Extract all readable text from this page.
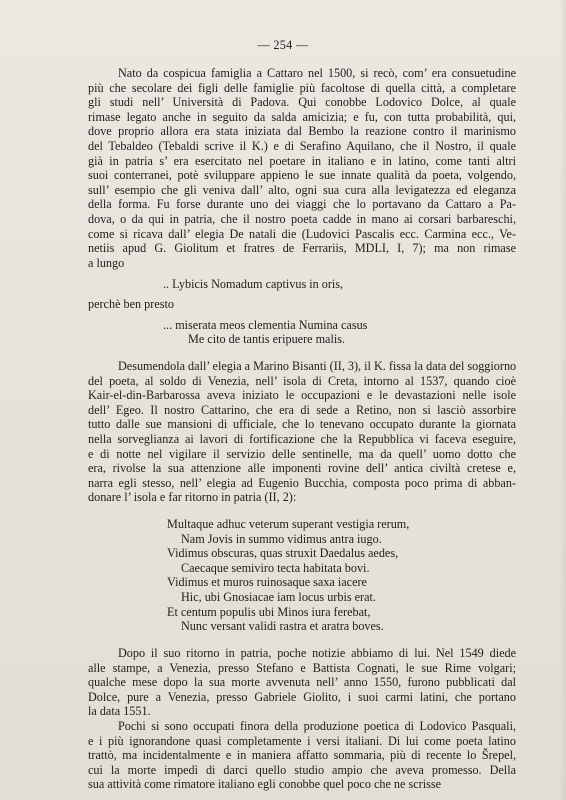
— 254 —
Nato da cospicua famiglia a Cattaro nel 1500, si recò, com’ era consuetudine
più che secolare dei figli delle famiglie più facoltose di quella città, a completare
gli studi nell’ Università di Padova. Qui conobbe Lodovico Dolce, al quale
rimase legato anche in seguito da salda amicizia; e fu, con tutta probabilità, qui,
dove proprio allora era stata iniziata dal Bembo la reazione contro il marinismo
del Tebaldeo (Tebaldi scrive il K.) e di Serafino Aquilano, che il Nostro, il quale
già in patria s’ era esercitato nel poetare in italiano e in latino, come tanti altri
suoi conterranei, potè sviluppare appieno le sue innate qualità da poeta, volgendo,
sull’ esempio che gli veniva dall’ alto, ogni sua cura alla levigatezza ed eleganza
della forma. Fu forse durante uno dei viaggi che lo portavano da Cattaro a Pa-
dova, o da qui in patria, che il nostro poeta cadde in mano ai corsari barbareschi,
come si ricava dall’ elegia De natali die (Ludovici Pascalis ecc. Carmina ecc., Ve-
netiis apud G. Giolitum et fratres de Ferrariis, MDLI, I, 7); ma non rimase
a lungo
.. Lybicis Nomadum captivus in oris,
perchè ben presto
... miserata meos clementia Numina casus
Me cito de tantis eripuere malis.
Desumendola dall’ elegia a Marino Bisanti (II, 3), il K. fissa la data del soggiorno
del poeta, al soldo di Venezia, nell’ isola di Creta, intorno al 1537, quando cioè
Kair-el-din-Barbarossa aveva iniziato le occupazioni e le devastazioni nelle isole
dell’ Egeo. Il nostro Cattarino, che era di sede a Retino, non si lasciò assorbire
tutto dalle sue mansioni di ufficiale, che lo tenevano occupato durante la giornata
nella sorveglianza ai lavori di fortificazione che la Repubblica vi faceva eseguire,
e di notte nel vigilare il servizio delle sentinelle, ma da quell’ uomo dotto che
era, rivolse la sua attenzione alle imponenti rovine dell’ antica civiltà cretese e,
narra egli stesso, nell’ elegia ad Eugenio Bucchia, composta poco prima di abban-
donare l’ isola e far ritorno in patria (II, 2):
Multaque adhuc veterum superant vestigia rerum,
Nam Jovis in summo vidimus antra iugo.
Vidimus obscuras, quas struxit Daedalus aedes,
Caecaque semiviro tecta habitata bovi.
Vidimus et muros ruinosaque saxa iacere
Hic, ubi Gnosiacae iam locus urbis erat.
Et centum populis ubi Minos iura ferebat,
Nunc versant validi rastra et aratra boves.
Dopo il suo ritorno in patria, poche notizie abbiamo di lui. Nel 1549 diede
alle stampe, a Venezia, presso Stefano e Battista Cognati, le sue Rime volgari;
qualche mese dopo la sua morte avvenuta nell’ anno 1550, furono pubblicati dal
Dolce, pure a Venezia, presso Gabriele Giolito, i suoi carmi latini, che portano
la data 1551.
Pochi si sono occupati finora della produzione poetica di Lodovico Pasquali,
e i più ignorandone quasi completamente i versi italiani. Di lui come poeta latino
trattò, ma incidentalmente e in maniera affatto sommaria, più di recente lo Šrepel,
cui la morte impedì di darci quello studio ampio che aveva promesso. Della
sua attività come rimatore italiano egli conobbe quel poco che ne scrisse
